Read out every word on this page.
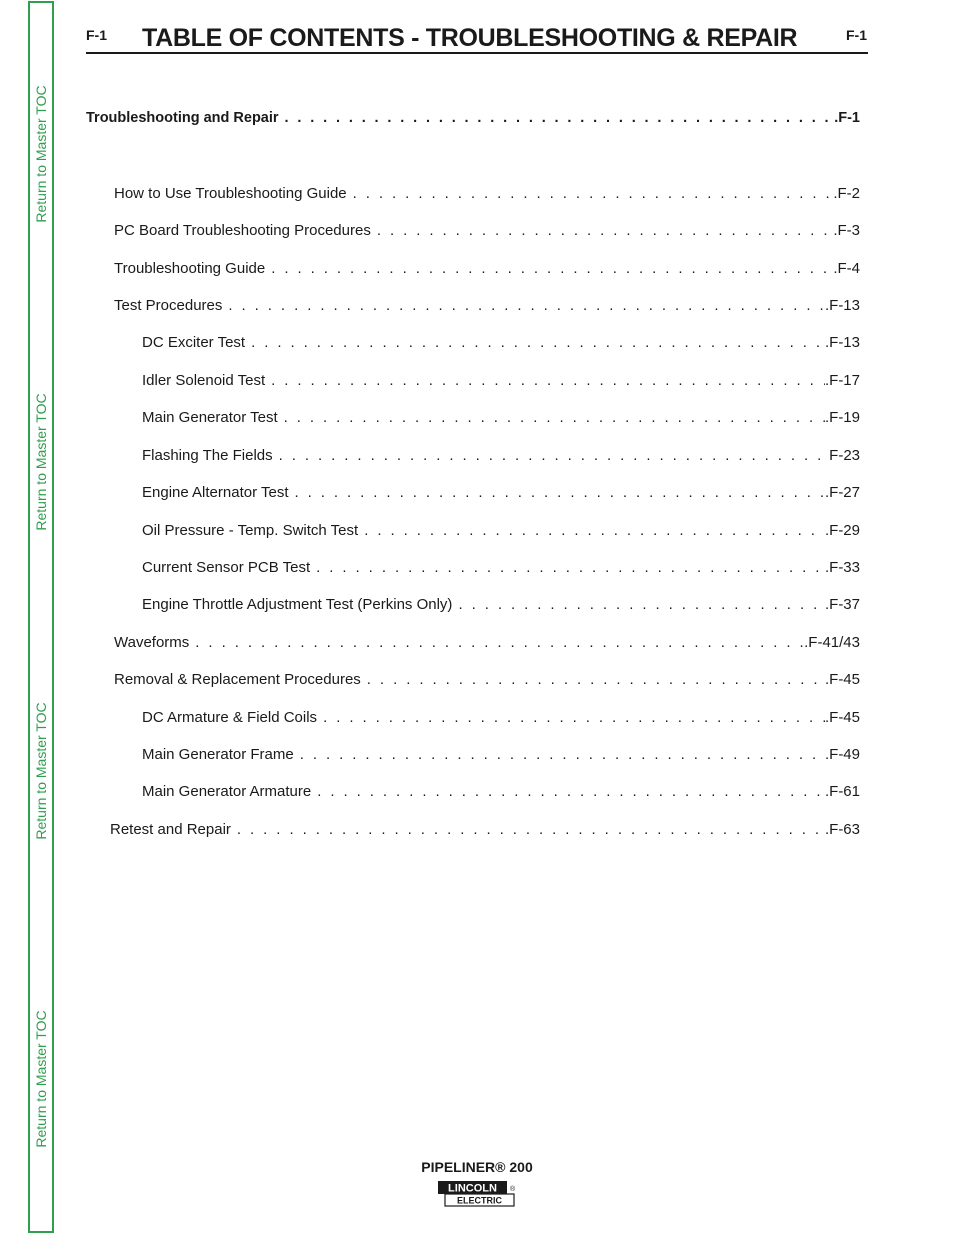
Return to Master TOC
Return to Master TOC
Return to Master TOC
Return to Master TOC
F-1 TABLE OF CONTENTS - TROUBLESHOOTING & REPAIR	F-1
Troubleshooting and Repair . . .	.F-1
How to Use Troubleshooting Guide . . .	.F-2
PC Board Troubleshooting Procedures . . .	.F-3
Troubleshooting Guide . . .	.F-4
Test Procedures . . .	.F-13
DC Exciter Test . . .	.F-13
Idler Solenoid Test . . .	.F-17
Main Generator Test . . .	.F-19
Flashing The Fields . . .	F-23
Engine Alternator Test . . .	.F-27
Oil Pressure - Temp. Switch Test . . .	.F-29
Current Sensor PCB Test . . .	.F-33
Engine Throttle Adjustment Test (Perkins Only) . . .	.F-37
Waveforms . . .	.F-41/43
Removal & Replacement Procedures . . .	.F-45
DC Armature & Field Coils . . .	.F-45
Main Generator Frame . . .	.F-49
Main Generator Armature . . .	.F-61
Retest and Repair . . .	.F-63
PIPELINER® 200
LINCOLN
ELECTRIC
®
